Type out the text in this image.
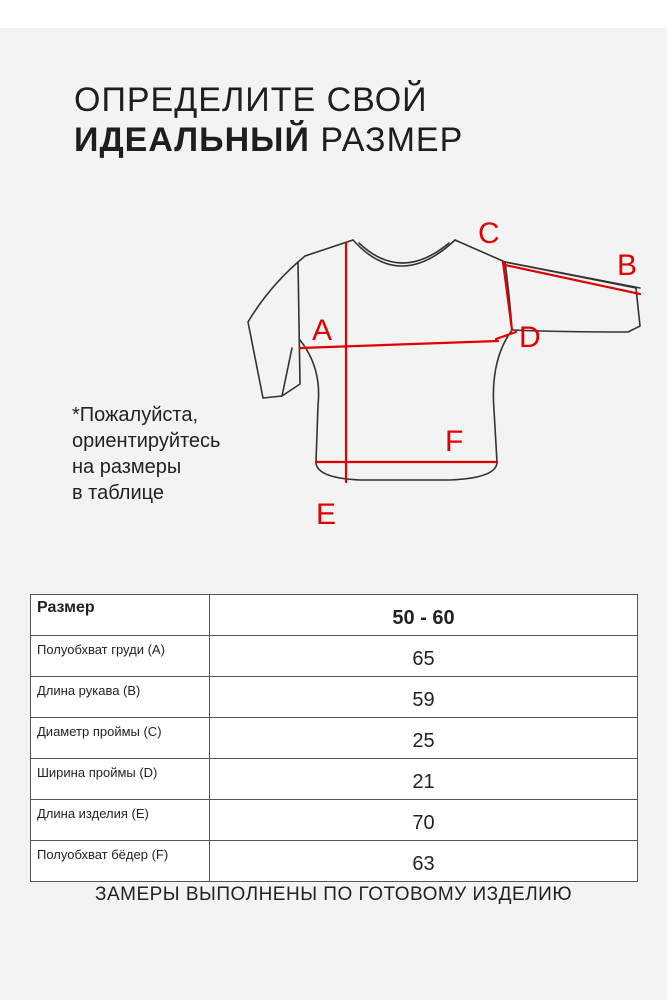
ОПРЕДЕЛИТЕ СВОЙ
ИДЕАЛЬНЫЙ РАЗМЕР
A
B
C
D
E
F
*Пожалуйста,
ориентируйтесь
на размеры
в таблице
Размер	50 - 60
Полуобхват груди (А)	65
Длина рукава (В)	59
Диаметр проймы (С)	25
Ширина проймы (D)	21
Длина изделия (Е)	70
Полуобхват бёдер (F)	63
ЗАМЕРЫ ВЫПОЛНЕНЫ ПО ГОТОВОМУ ИЗДЕЛИЮ
